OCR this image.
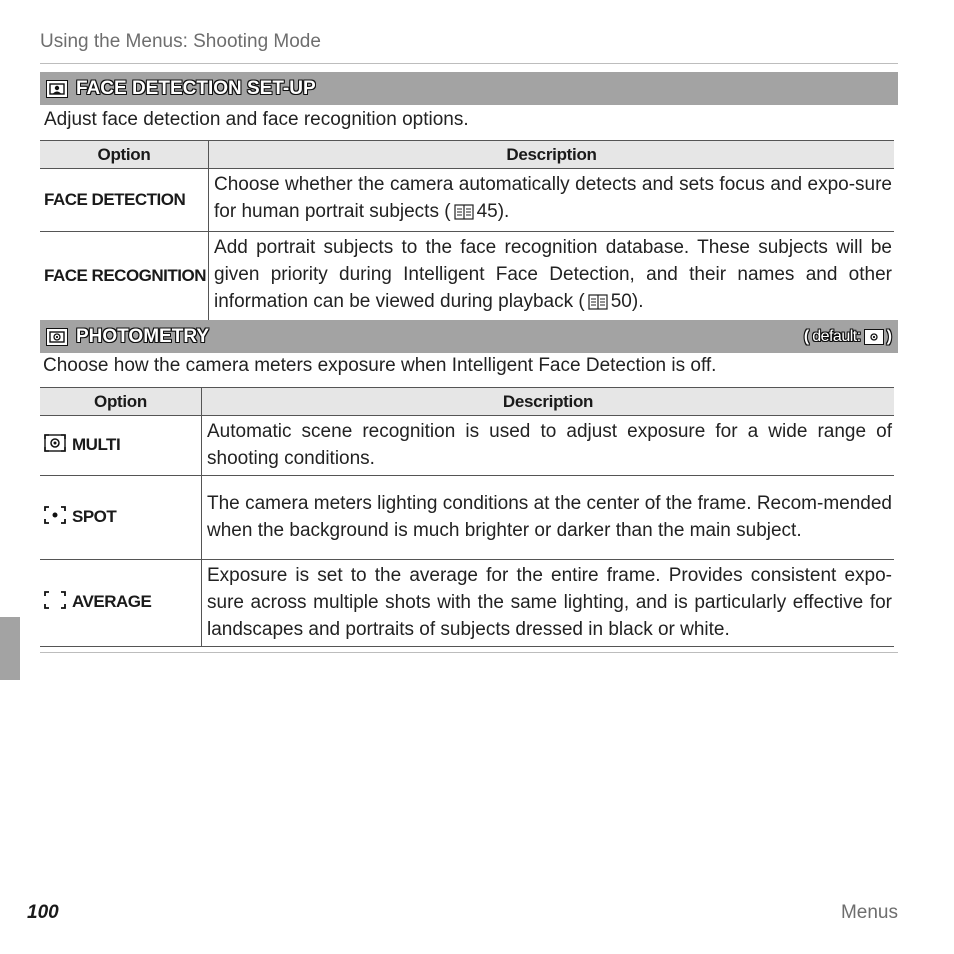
Using the Menus: Shooting Mode
FACE DETECTION SET-UP
Adjust face detection and face recognition options.
Option	Description
FACE DETECTION	Choose whether the camera automatically detects and sets focus and expo-sure for human portrait subjects ( 45).
FACE RECOGNITION	Add portrait subjects to the face recognition database. These subjects will be given priority during Intelligent Face Detection, and their names and other information can be viewed during playback ( 50).
PHOTOMETRY	( default: )
Choose how the camera meters exposure when Intelligent Face Detection is off.
Option	Description
MULTI	Automatic scene recognition is used to adjust exposure for a wide range of shooting conditions.
SPOT	The camera meters lighting conditions at the center of the frame. Recom-mended when the background is much brighter or darker than the main subject.
AVERAGE	Exposure is set to the average for the entire frame. Provides consistent expo-sure across multiple shots with the same lighting, and is particularly effective for landscapes and portraits of subjects dressed in black or white.
100	Menus
